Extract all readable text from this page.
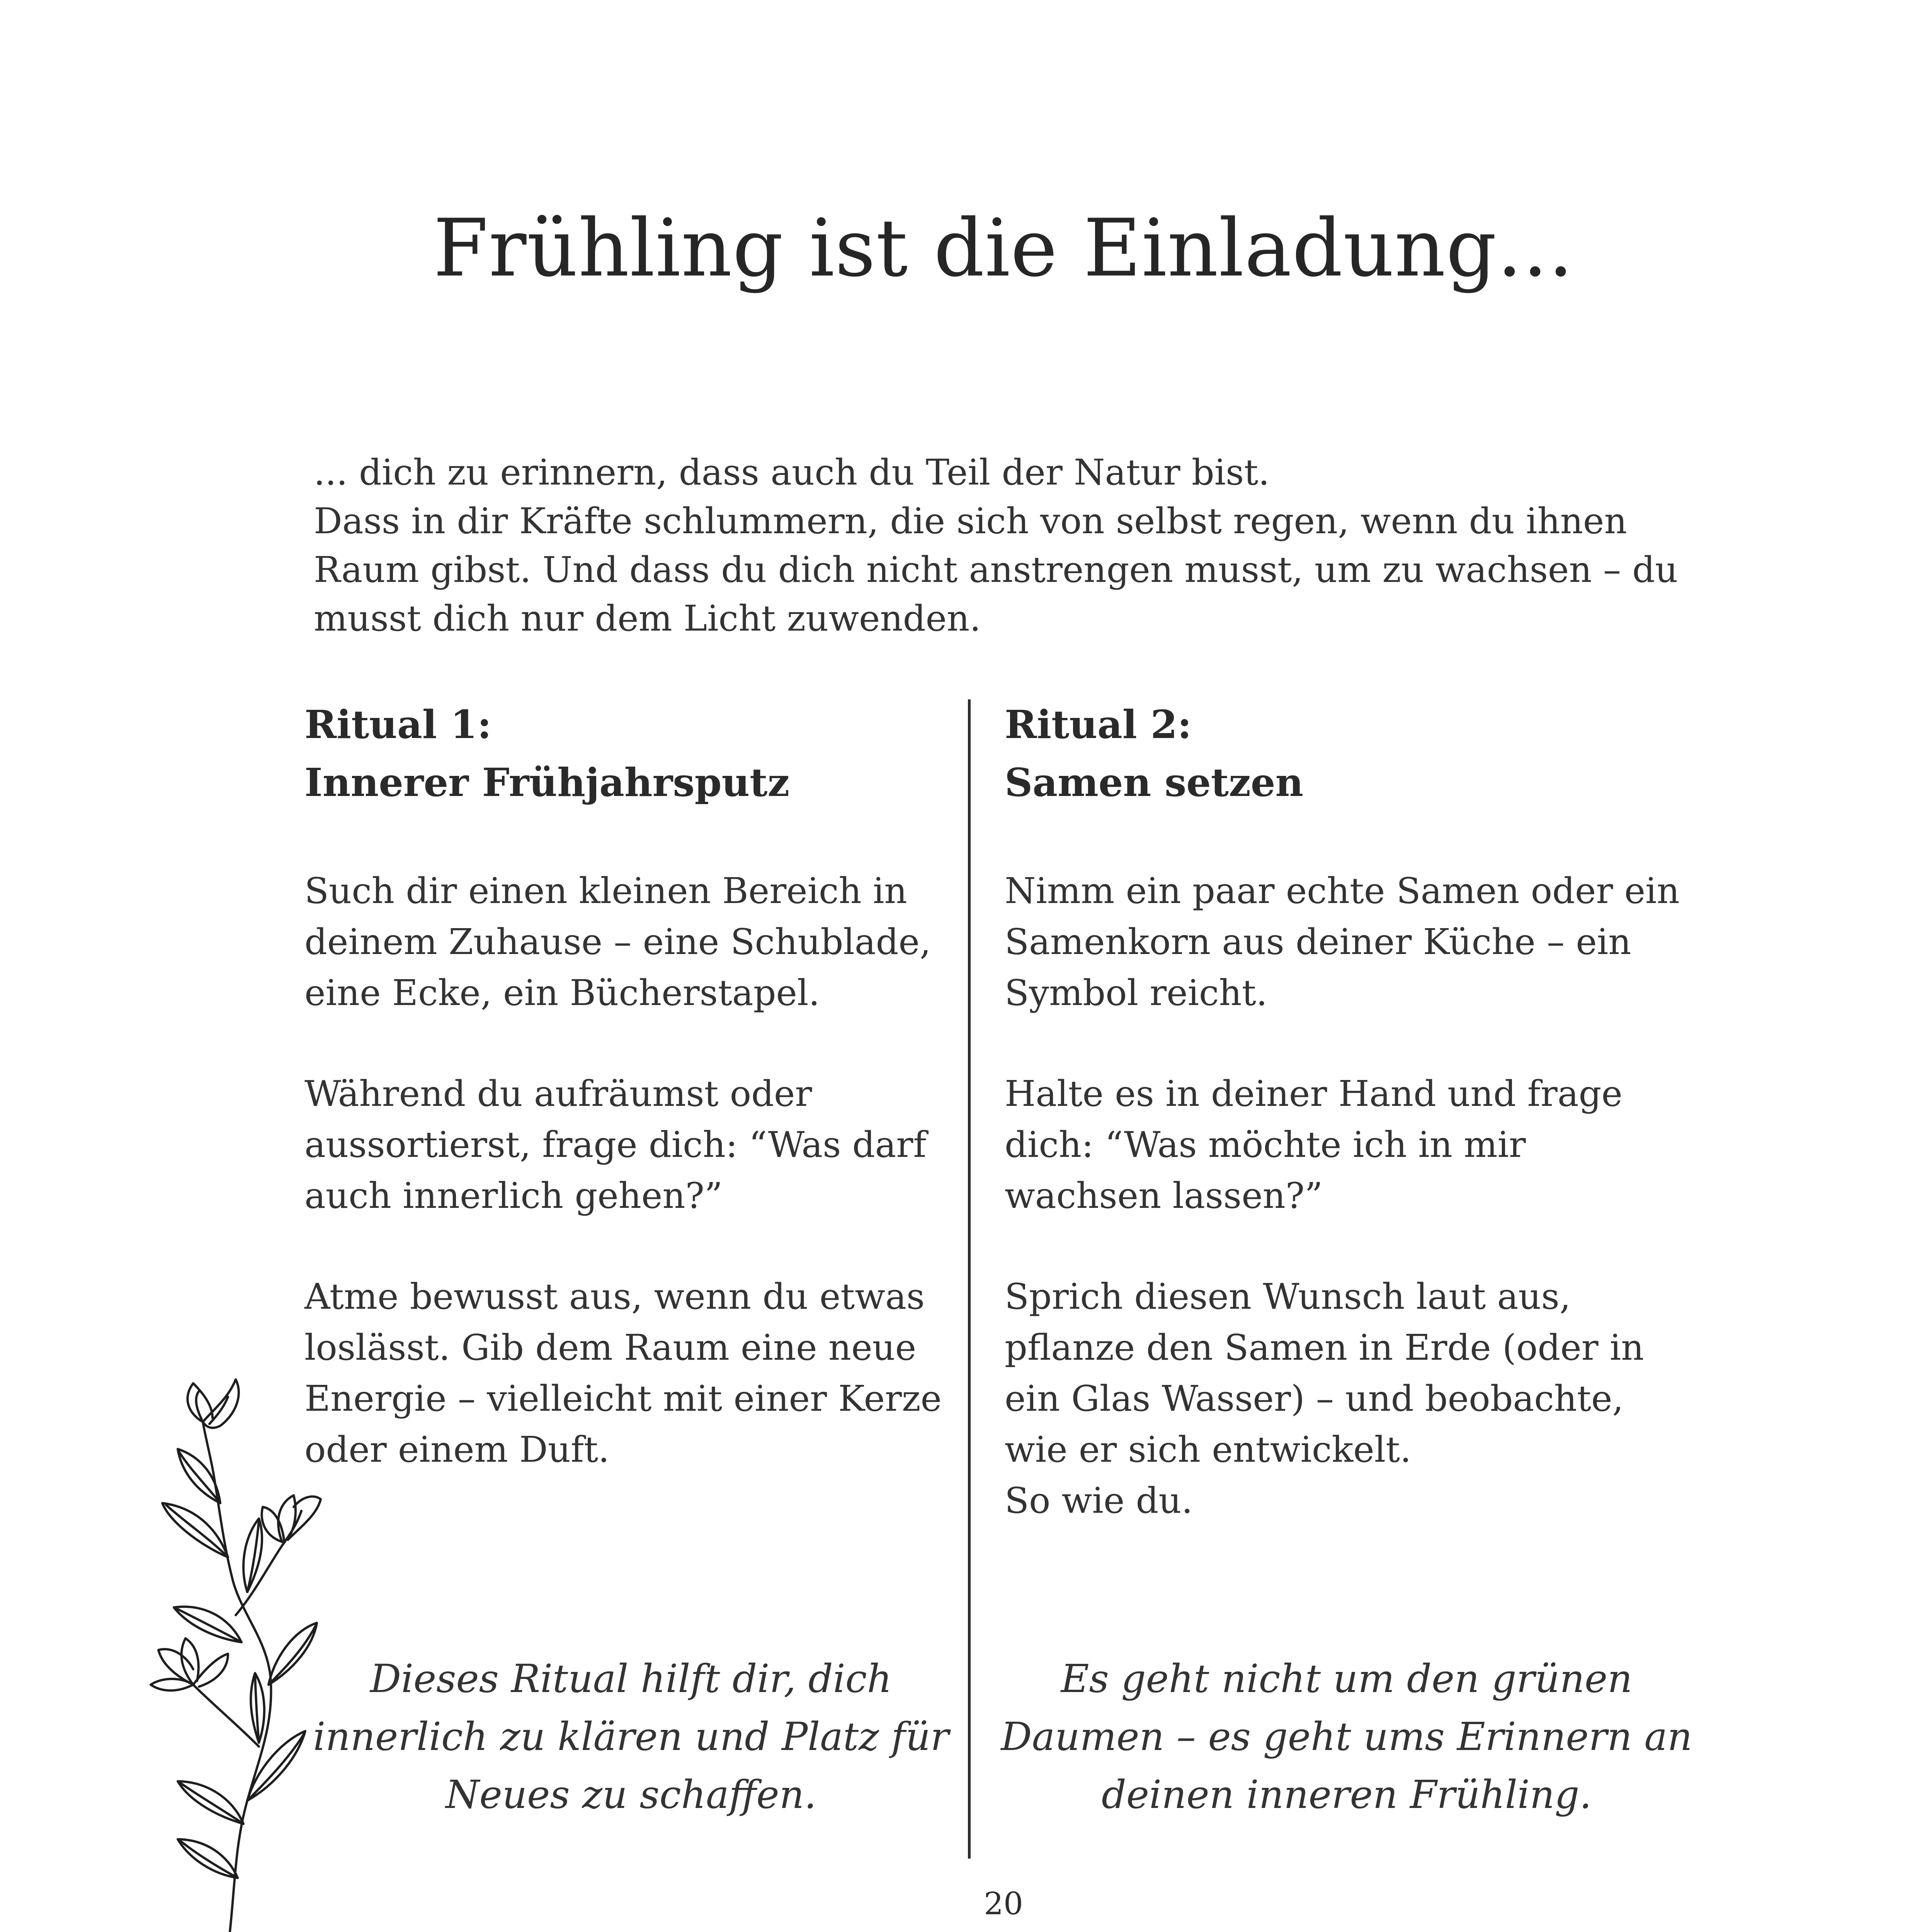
Frühling ist die Einladung...
... dich zu erinnern, dass auch du Teil der Natur bist.
Dass in dir Kräfte schlummern, die sich von selbst regen, wenn du ihnen
Raum gibst. Und dass du dich nicht anstrengen musst, um zu wachsen – du
musst dich nur dem Licht zuwenden.
Ritual 1:
Innerer Frühjahrsputz

Such dir einen kleinen Bereich in
deinem Zuhause – eine Schublade,
eine Ecke, ein Bücherstapel.

Während du aufräumst oder
aussortierst, frage dich: “Was darf
auch innerlich gehen?”

Atme bewusst aus, wenn du etwas
loslässt. Gib dem Raum eine neue
Energie – vielleicht mit einer Kerze
oder einem Duft.

Ritual 2:
Samen setzen

Nimm ein paar echte Samen oder ein
Samenkorn aus deiner Küche – ein
Symbol reicht.

Halte es in deiner Hand und frage
dich: “Was möchte ich in mir
wachsen lassen?”

Sprich diesen Wunsch laut aus,
pflanze den Samen in Erde (oder in
ein Glas Wasser) – und beobachte,
wie er sich entwickelt.
So wie du.

Dieses Ritual hilft dir, dich
innerlich zu klären und Platz für
Neues zu schaffen.
Es geht nicht um den grünen
Daumen – es geht ums Erinnern an
deinen inneren Frühling.
20
